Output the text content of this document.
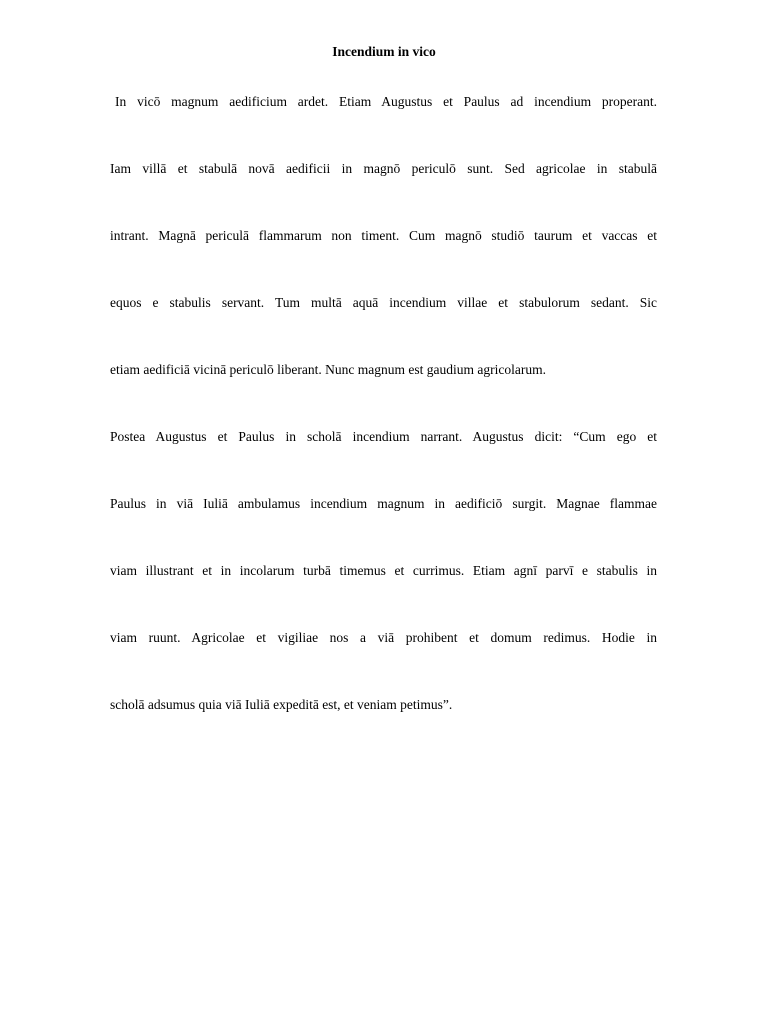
Incendium in vico
In vicō magnum aedificium ardet. Etiam Augustus et Paulus ad incendium properant.
Iam villā et stabulā novā aedificii in magnō periculō sunt. Sed agricolae in stabulā
intrant. Magnā periculā flammarum non timent. Cum magnō studiō taurum et vaccas et
equos e stabulis servant. Tum multā aquā incendium villae et stabulorum sedant. Sic
etiam aedificiā vicinā periculō liberant. Nunc magnum est gaudium agricolarum.
Postea Augustus et Paulus in scholā incendium narrant. Augustus dicit: “Cum ego et
Paulus in viā Iuliā ambulamus incendium magnum in aedificiō surgit. Magnae flammae
viam illustrant et in incolarum turbā timemus et currimus. Etiam agnī parvī e stabulis in
viam ruunt. Agricolae et vigiliae nos a viā prohibent et domum redimus. Hodie in
scholā adsumus quia viā Iuliā expeditā est, et veniam petimus”.
